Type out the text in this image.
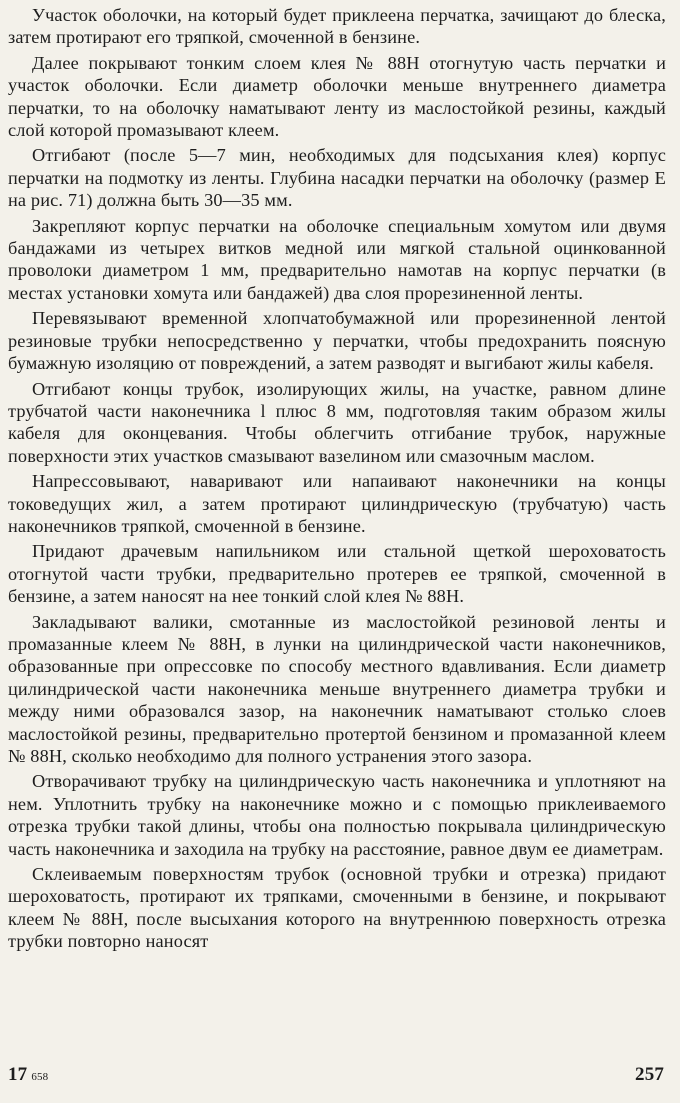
Участок оболочки, на который будет приклеена перчатка, зачищают до блеска, затем протирают его тряпкой, смоченной в бензине.

Далее покрывают тонким слоем клея № 88Н отогнутую часть перчатки и участок оболочки. Если диаметр оболочки меньше внутреннего диаметра перчатки, то на оболочку наматывают ленту из маслостойкой резины, каждый слой которой промазывают клеем.

Отгибают (после 5—7 мин, необходимых для подсыхания клея) корпус перчатки на подмотку из ленты. Глубина насадки перчатки на оболочку (размер E на рис. 71) должна быть 30—35 мм.

Закрепляют корпус перчатки на оболочке специальным хомутом или двумя бандажами из четырех витков медной или мягкой стальной оцинкованной проволоки диаметром 1 мм, предварительно намотав на корпус перчатки (в местах установки хомута или бандажей) два слоя прорезиненной ленты.

Перевязывают временной хлопчатобумажной или прорезиненной лентой резиновые трубки непосредственно у перчатки, чтобы предохранить поясную бумажную изоляцию от повреждений, а затем разводят и выгибают жилы кабеля.

Отгибают концы трубок, изолирующих жилы, на участке, равном длине трубчатой части наконечника l плюс 8 мм, подготовляя таким образом жилы кабеля для оконцевания. Чтобы облегчить отгибание трубок, наружные поверхности этих участков смазывают вазелином или смазочным маслом.

Напрессовывают, наваривают или напаивают наконечники на концы токоведущих жил, а затем протирают цилиндрическую (трубчатую) часть наконечников тряпкой, смоченной в бензине.

Придают драчевым напильником или стальной щеткой шероховатость отогнутой части трубки, предварительно протерев ее тряпкой, смоченной в бензине, а затем наносят на нее тонкий слой клея № 88Н.

Закладывают валики, смотанные из маслостойкой резиновой ленты и промазанные клеем № 88Н, в лунки на цилиндрической части наконечников, образованные при опрессовке по способу местного вдавливания. Если диаметр цилиндрической части наконечника меньше внутреннего диаметра трубки и между ними образовался зазор, на наконечник наматывают столько слоев маслостойкой резины, предварительно протертой бензином и промазанной клеем № 88Н, сколько необходимо для полного устранения этого зазора.

Отворачивают трубку на цилиндрическую часть наконечника и уплотняют на нем. Уплотнить трубку на наконечнике можно и с помощью приклеиваемого отрезка трубки такой длины, чтобы она полностью покрывала цилиндрическую часть наконечника и заходила на трубку на расстояние, равное двум ее диаметрам.

Склеиваемым поверхностям трубок (основной трубки и отрезка) придают шероховатость, протирают их тряпками, смоченными в бензине, и покрывают клеем № 88Н, после высыхания которого на внутреннюю поверхность отрезка трубки повторно наносят

17 658	257
